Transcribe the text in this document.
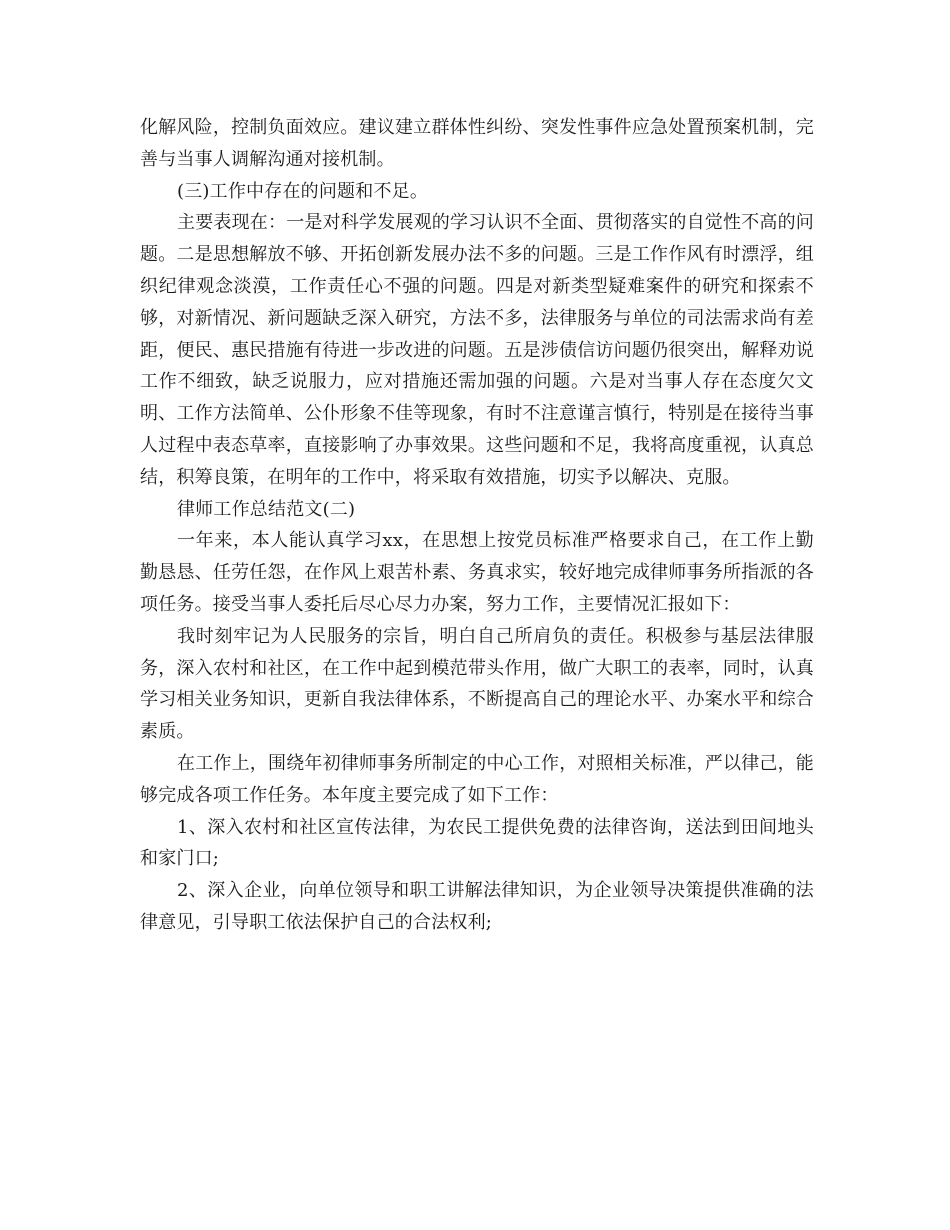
化解风险，控制负面效应。建议建立群体性纠纷、突发性事件应急处置预案机制，完善与当事人调解沟通对接机制。

(三)工作中存在的问题和不足。

主要表现在：一是对科学发展观的学习认识不全面、贯彻落实的自觉性不高的问题。二是思想解放不够、开拓创新发展办法不多的问题。三是工作作风有时漂浮，组织纪律观念淡漠，工作责任心不强的问题。四是对新类型疑难案件的研究和探索不够，对新情况、新问题缺乏深入研究，方法不多，法律服务与单位的司法需求尚有差距，便民、惠民措施有待进一步改进的问题。五是涉债信访问题仍很突出，解释劝说工作不细致，缺乏说服力，应对措施还需加强的问题。六是对当事人存在态度欠文明、工作方法简单、公仆形象不佳等现象，有时不注意谨言慎行，特别是在接待当事人过程中表态草率，直接影响了办事效果。这些问题和不足，我将高度重视，认真总结，积筹良策，在明年的工作中，将采取有效措施，切实予以解决、克服。

律师工作总结范文(二)

一年来，本人能认真学习xx，在思想上按党员标准严格要求自己，在工作上勤勤恳恳、任劳任怨，在作风上艰苦朴素、务真求实，较好地完成律师事务所指派的各项任务。接受当事人委托后尽心尽力办案，努力工作，主要情况汇报如下：

我时刻牢记为人民服务的宗旨，明白自己所肩负的责任。积极参与基层法律服务，深入农村和社区，在工作中起到模范带头作用，做广大职工的表率，同时，认真学习相关业务知识，更新自我法律体系，不断提高自己的理论水平、办案水平和综合素质。

在工作上，围绕年初律师事务所制定的中心工作，对照相关标准，严以律己，能够完成各项工作任务。本年度主要完成了如下工作：

1、深入农村和社区宣传法律，为农民工提供免费的法律咨询，送法到田间地头和家门口;

2、深入企业，向单位领导和职工讲解法律知识，为企业领导决策提供准确的法律意见，引导职工依法保护自己的合法权利;
